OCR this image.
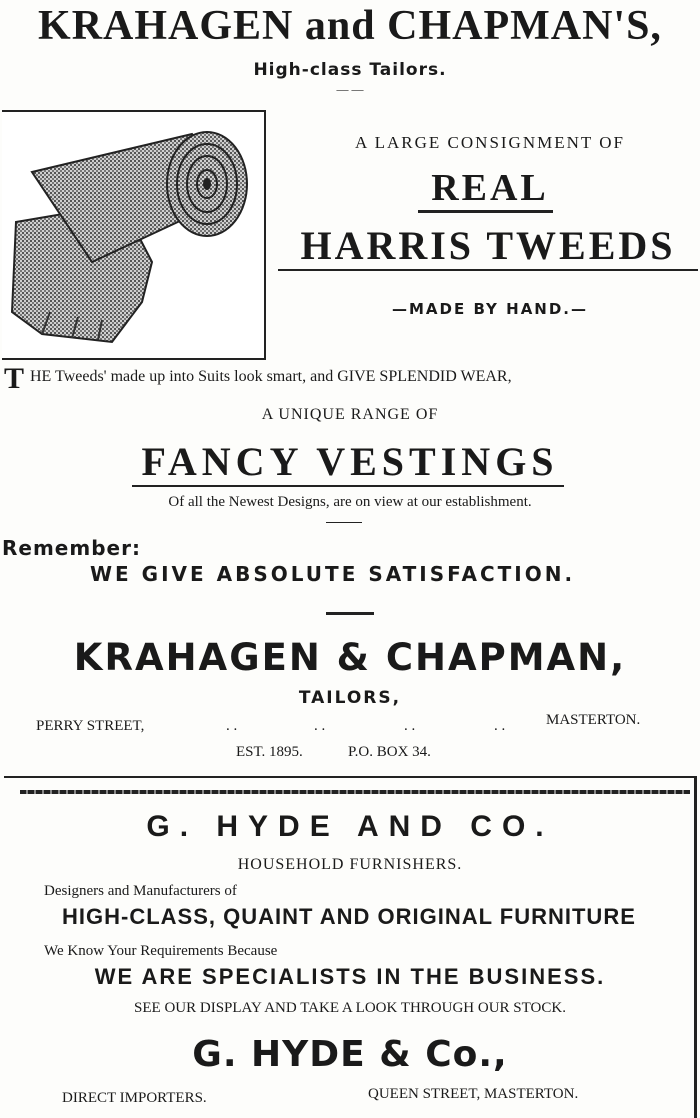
KRAHAGEN and CHAPMAN'S,
High-class Tailors.
— —
A LARGE CONSIGNMENT OF
REAL
HARRIS TWEEDS
—MADE BY HAND.—
T HE Tweeds' made up into Suits look smart, and GIVE SPLENDID WEAR,
A UNIQUE RANGE OF
FANCY VESTINGS
Of all the Newest Designs, are on view at our establishment.
Remember:
WE GIVE ABSOLUTE SATISFACTION.
KRAHAGEN & CHAPMAN,
TAILORS,
PERRY STREET,	. .	. .	. .	. .	MASTERTON.
EST. 1895.	P.O. BOX 34.
G. HYDE AND CO.
HOUSEHOLD FURNISHERS.
Designers and Manufacturers of
HIGH-CLASS, QUAINT AND ORIGINAL FURNITURE
We Know Your Requirements Because
WE ARE SPECIALISTS IN THE BUSINESS.
SEE OUR DISPLAY AND TAKE A LOOK THROUGH OUR STOCK.
G. HYDE & Co.,
DIRECT IMPORTERS.	QUEEN STREET, MASTERTON.
